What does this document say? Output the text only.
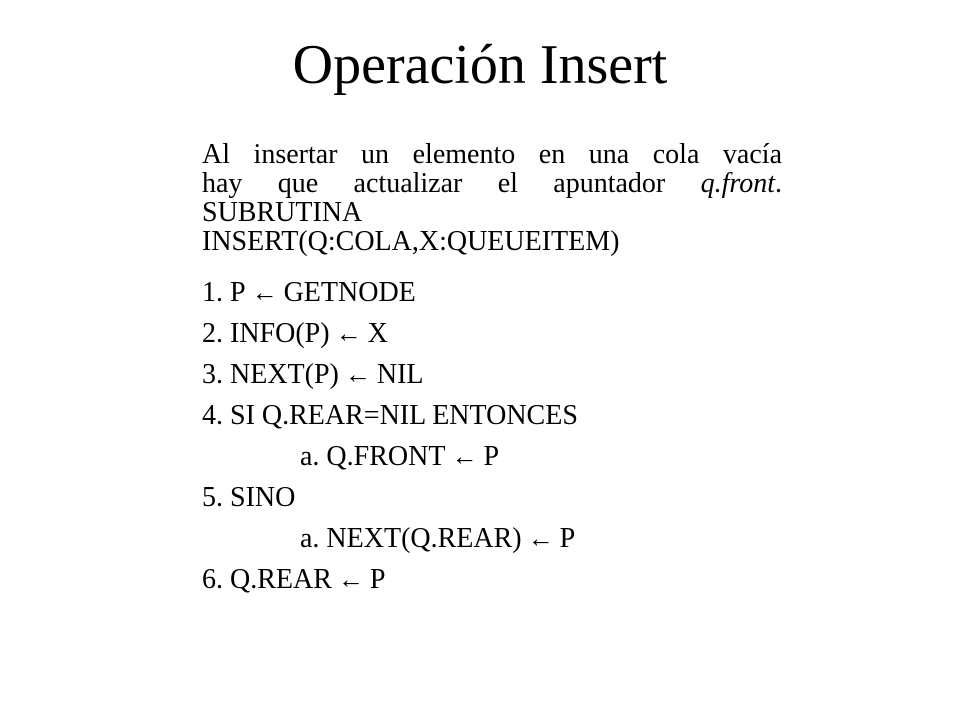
Operación Insert
Al insertar un elemento en una cola vacía
hay que actualizar el apuntador q.front.
SUBRUTINA
INSERT(Q:COLA,X:QUEUEITEM)
1. P ← GETNODE
2. INFO(P) ← X
3. NEXT(P) ← NIL
4. SI Q.REAR=NIL ENTONCES
a. Q.FRONT ← P
5. SINO
a. NEXT(Q.REAR) ← P
6. Q.REAR ← P
